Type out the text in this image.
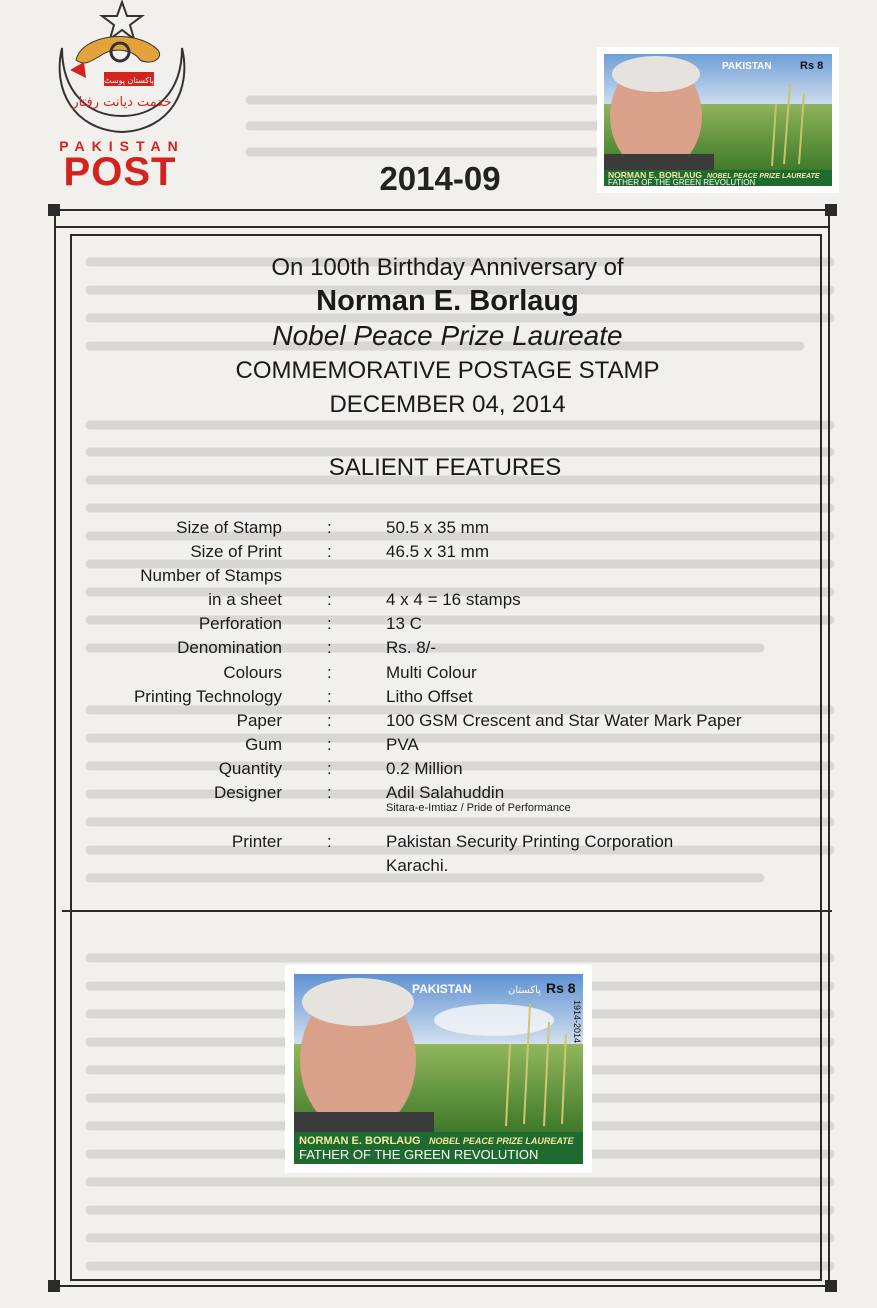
پاکستان پوسٹ
خدمت دیانت رفتار
PAKISTAN
POST	2014-09
PAKISTAN	Rs 8
NORMAN E. BORLAUG NOBEL PEACE PRIZE LAUREATE
FATHER OF THE GREEN REVOLUTION
On 100th Birthday Anniversary of
Norman E. Borlaug
Nobel Peace Prize Laureate
COMMEMORATIVE POSTAGE STAMP
DECEMBER 04, 2014
SALIENT FEATURES
Size of Stamp	:	50.5 x 35 mm
Size of Print	:	46.5 x 31 mm
Number of Stamps
in a sheet	:	4 x 4 = 16 stamps
Perforation	:	13 C
Denomination	:	Rs. 8/-
Colours	:	Multi Colour
Printing Technology	:	Litho Offset
Paper	:	100 GSM Crescent and Star Water Mark Paper
Gum	:	PVA
Quantity	:	0.2 Million
Designer	:	Adil Salahuddin
Sitara-e-Imtiaz / Pride of Performance
Printer	:	Pakistan Security Printing Corporation
Karachi.
PAKISTAN	پاکستان Rs 8
1914-2014
NORMAN E. BORLAUG NOBEL PEACE PRIZE LAUREATE
FATHER OF THE GREEN REVOLUTION
